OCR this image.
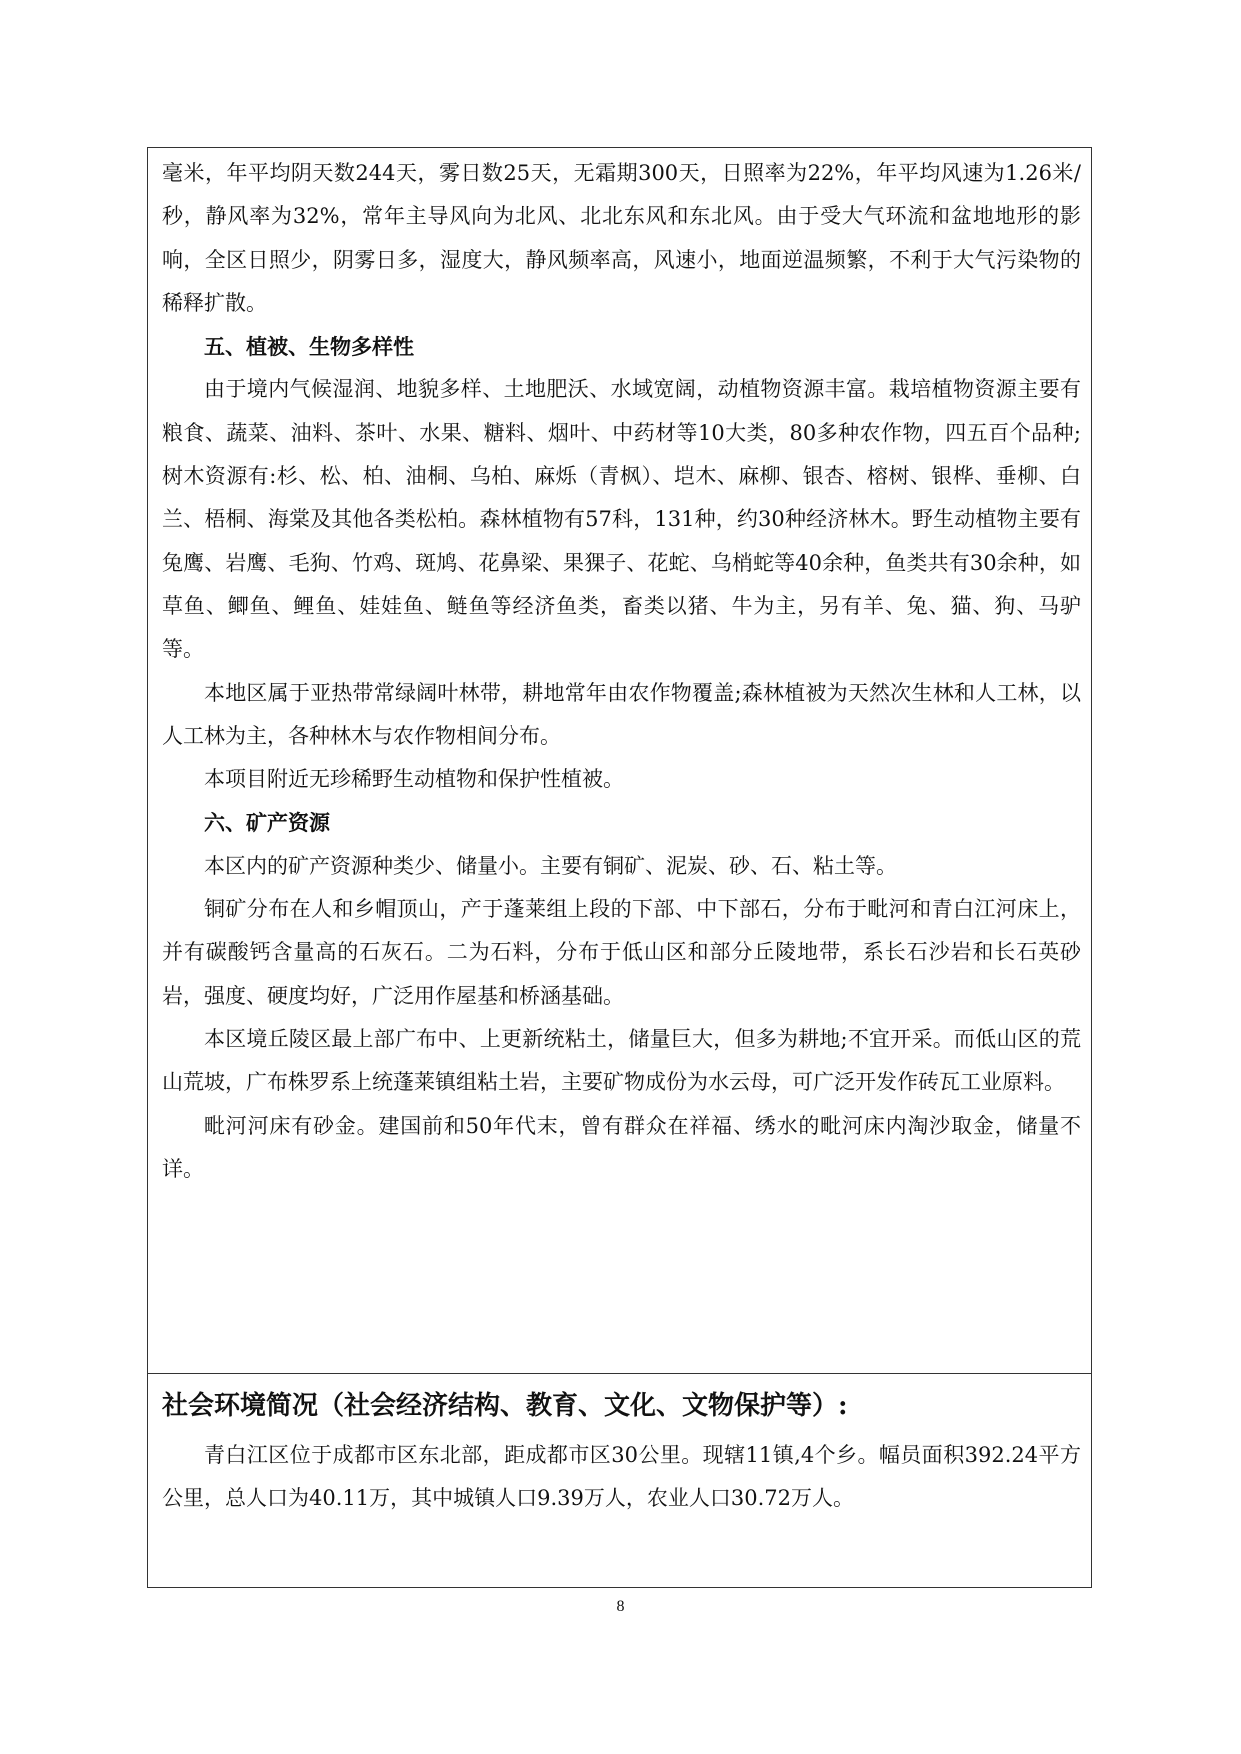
毫米，年平均阴天数244天，雾日数25天，无霜期300天，日照率为22%，年平均风速为1.26米/秒，静风率为32%，常年主导风向为北风、北北东风和东北风。由于受大气环流和盆地地形的影响，全区日照少，阴雾日多，湿度大，静风频率高，风速小，地面逆温频繁，不利于大气污染物的稀释扩散。

五、植被、生物多样性

由于境内气候湿润、地貌多样、土地肥沃、水域宽阔，动植物资源丰富。栽培植物资源主要有粮食、蔬菜、油料、茶叶、水果、糖料、烟叶、中药材等10大类，80多种农作物，四五百个品种;树木资源有:杉、松、柏、油桐、乌柏、麻烁（青枫）、垲木、麻柳、银杏、榕树、银桦、垂柳、白兰、梧桐、海棠及其他各类松柏。森林植物有57科，131种，约30种经济林木。野生动植物主要有兔鹰、岩鹰、毛狗、竹鸡、斑鸠、花鼻梁、果猓子、花蛇、乌梢蛇等40余种，鱼类共有30余种，如草鱼、鲫鱼、鲤鱼、娃娃鱼、鲢鱼等经济鱼类，畜类以猪、牛为主，另有羊、兔、猫、狗、马驴等。

本地区属于亚热带常绿阔叶林带，耕地常年由农作物覆盖;森林植被为天然次生林和人工林，以人工林为主，各种林木与农作物相间分布。

本项目附近无珍稀野生动植物和保护性植被。

六、矿产资源

本区内的矿产资源种类少、储量小。主要有铜矿、泥炭、砂、石、粘土等。

铜矿分布在人和乡帽顶山，产于蓬莱组上段的下部、中下部石，分布于毗河和青白江河床上，并有碳酸钙含量高的石灰石。二为石料，分布于低山区和部分丘陵地带，系长石沙岩和长石英砂岩，强度、硬度均好，广泛用作屋基和桥涵基础。

本区境丘陵区最上部广布中、上更新统粘土，储量巨大，但多为耕地;不宜开采。而低山区的荒山荒坡，广布株罗系上统蓬莱镇组粘土岩，主要矿物成份为水云母，可广泛开发作砖瓦工业原料。

毗河河床有砂金。建国前和50年代末，曾有群众在祥福、绣水的毗河床内淘沙取金，储量不详。

社会环境简况（社会经济结构、教育、文化、文物保护等）:

青白江区位于成都市区东北部，距成都市区30公里。现辖11镇,4个乡。幅员面积392.24平方公里，总人口为40.11万，其中城镇人口9.39万人，农业人口30.72万人。

8
